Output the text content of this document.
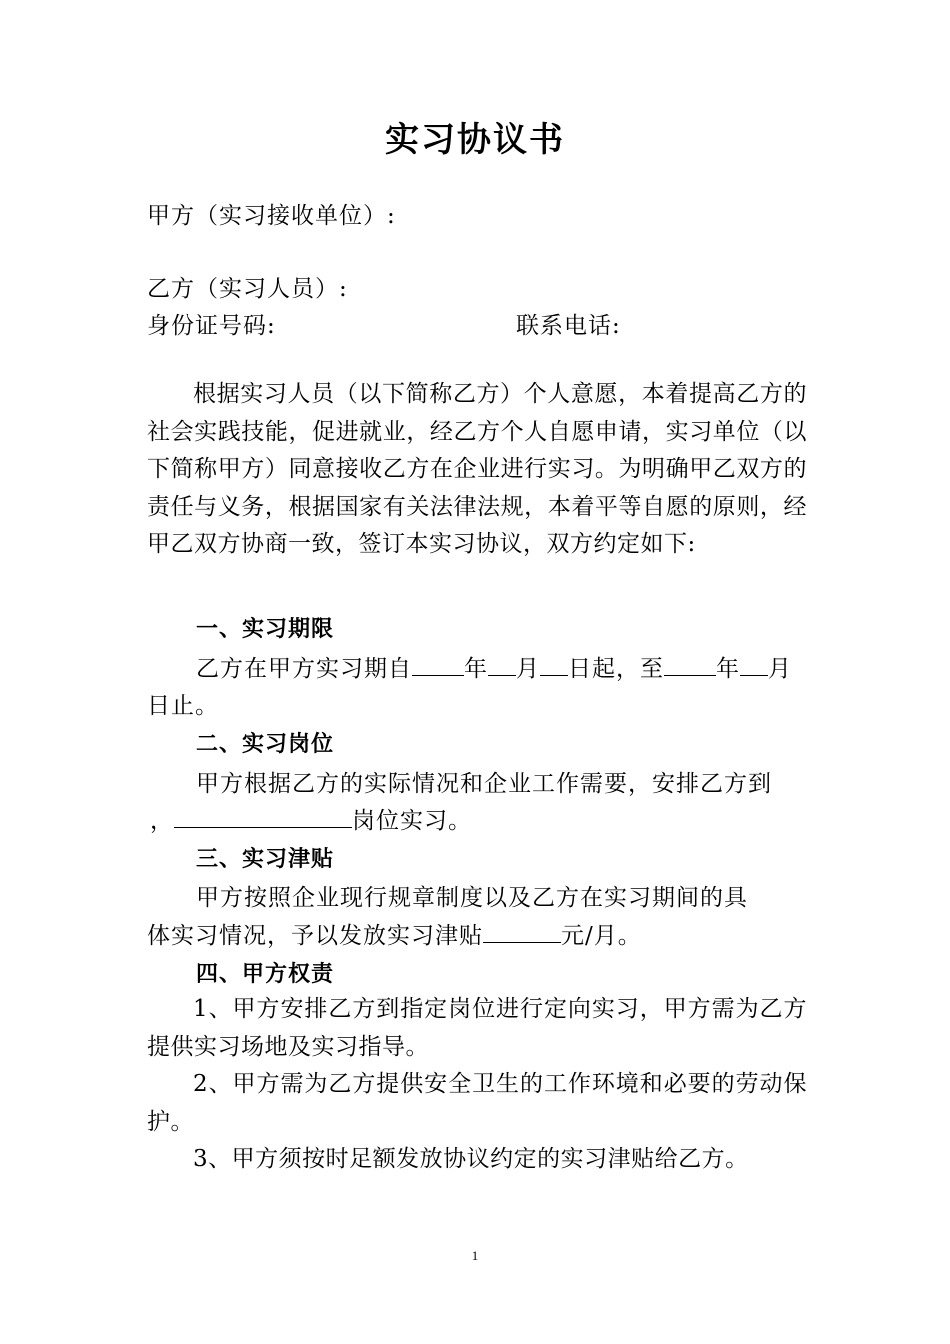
实习协议书
甲方（实习接收单位）:
乙方（实习人员）:
身份证号码:	联系电话:
根据实习人员（以下简称乙方）个人意愿，本着提高乙方的社会实践技能，促进就业，经乙方个人自愿申请，实习单位（以下简称甲方）同意接收乙方在企业进行实习。为明确甲乙双方的责任与义务，根据国家有关法律法规，本着平等自愿的原则，经甲乙双方协商一致，签订本实习协议，双方约定如下:
一、实习期限
乙方在甲方实习期自 年 月 日起，至 年 月
日止。
二、实习岗位
甲方根据乙方的实际情况和企业工作需要，安排乙方到
，	岗位实习。
三、实习津贴
甲方按照企业现行规章制度以及乙方在实习期间的具
体实习情况，予以发放实习津贴	元/月。
四、甲方权责
1、甲方安排乙方到指定岗位进行定向实习，甲方需为乙方提供实习场地及实习指导。
2、甲方需为乙方提供安全卫生的工作环境和必要的劳动保护。
3、甲方须按时足额发放协议约定的实习津贴给乙方。
1
